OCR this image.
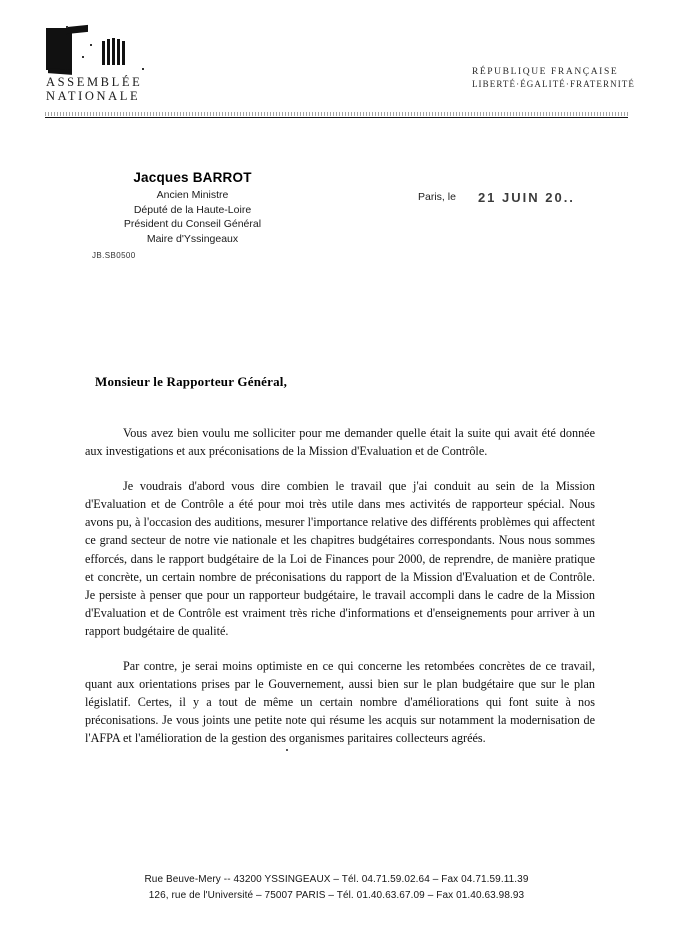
ASSEMBLÉE
NATIONALE
RÉPUBLIQUE FRANÇAISE
LIBERTÉ·ÉGALITÉ·FRATERNITÉ
Jacques BARROT
Ancien Ministre
Député de la Haute-Loire
Président du Conseil Général
Maire d'Yssingeaux
JB.SB0500
Paris, le 21 JUIN 20..
Monsieur le Rapporteur Général,

Vous avez bien voulu me solliciter pour me demander quelle était la suite qui avait été donnée aux investigations et aux préconisations de la Mission d'Evaluation et de Contrôle.

Je voudrais d'abord vous dire combien le travail que j'ai conduit au sein de la Mission d'Evaluation et de Contrôle a été pour moi très utile dans mes activités de rapporteur spécial. Nous avons pu, à l'occasion des auditions, mesurer l'importance relative des différents problèmes qui affectent ce grand secteur de notre vie nationale et les chapitres budgétaires correspondants. Nous nous sommes efforcés, dans le rapport budgétaire de la Loi de Finances pour 2000, de reprendre, de manière pratique et concrète, un certain nombre de préconisations du rapport de la Mission d'Evaluation et de Contrôle. Je persiste à penser que pour un rapporteur budgétaire, le travail accompli dans le cadre de la Mission d'Evaluation et de Contrôle est vraiment très riche d'informations et d'enseignements pour arriver à un rapport budgétaire de qualité.

Par contre, je serai moins optimiste en ce qui concerne les retombées concrètes de ce travail, quant aux orientations prises par le Gouvernement, aussi bien sur le plan budgétaire que sur le plan législatif. Certes, il y a tout de même un certain nombre d'améliorations qui font suite à nos préconisations. Je vous joints une petite note qui résume les acquis sur notamment la modernisation de l'AFPA et l'amélioration de la gestion des organismes paritaires collecteurs agréés.

Rue Beuve-Mery -- 43200 YSSINGEAUX – Tél. 04.71.59.02.64 – Fax 04.71.59.11.39
126, rue de l'Université – 75007 PARIS – Tél. 01.40.63.67.09 – Fax 01.40.63.98.93
